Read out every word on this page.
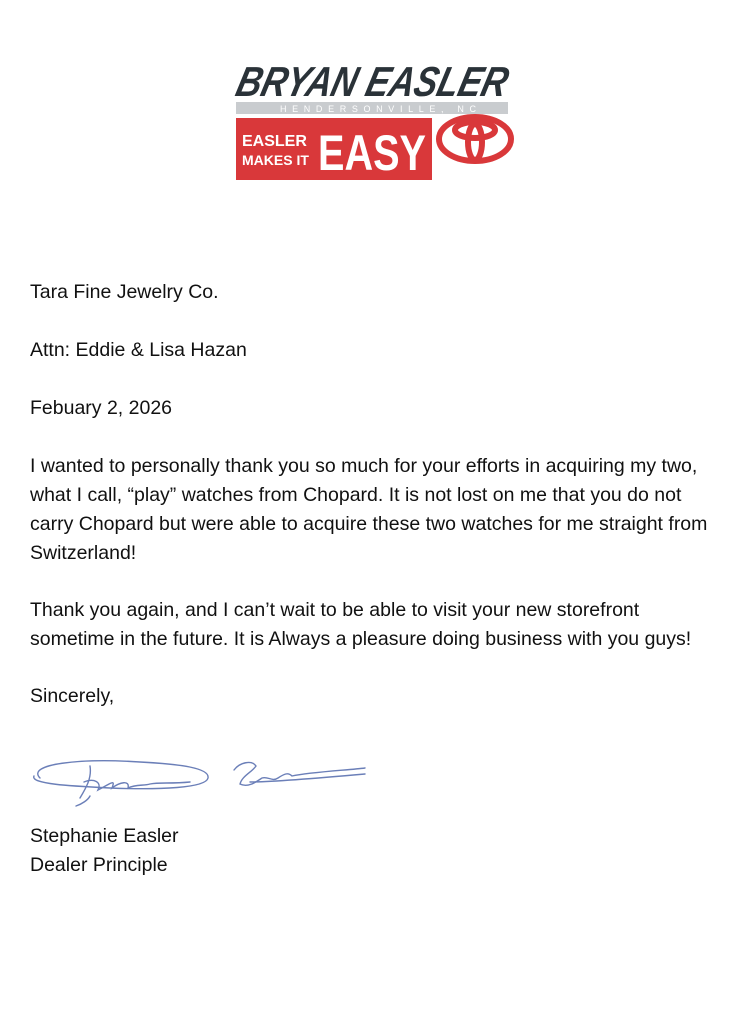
BRYAN EASLER
HENDERSONVILLE, NC
EASLER
MAKES IT EASY

Tara Fine Jewelry Co.

Attn: Eddie & Lisa Hazan

Febuary 2, 2026

I wanted to personally thank you so much for your efforts in acquiring my two, what I call, “play” watches from Chopard. It is not lost on me that you do not carry Chopard but were able to acquire these two watches for me straight from Switzerland!

Thank you again, and I can’t wait to be able to visit your new storefront sometime in the future. It is Always a pleasure doing business with you guys!

Sincerely,

Stephanie Easler

Dealer Principle
